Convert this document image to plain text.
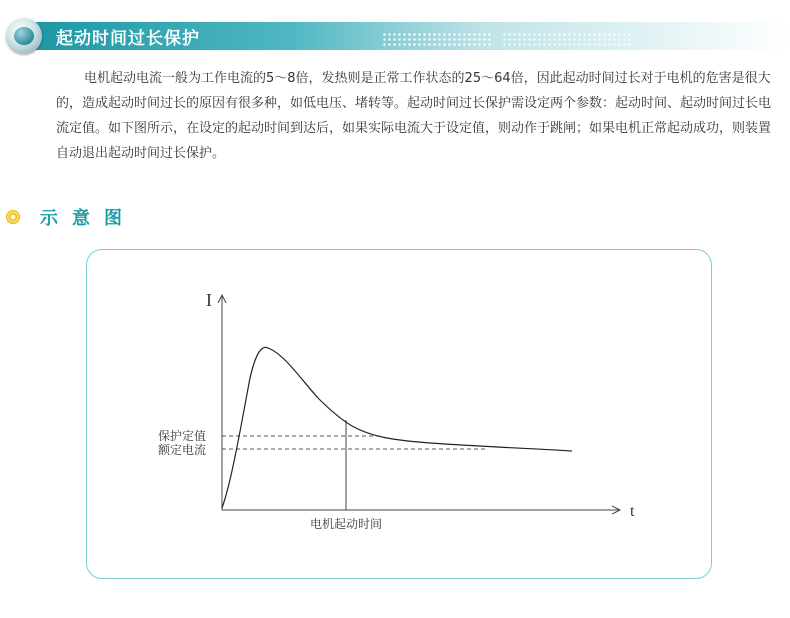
起动时间过长保护

电机起动电流一般为工作电流的5～8倍，发热则是正常工作状态的25～64倍，因此起动时间过长对于电机的危害是很大的，造成起动时间过长的原因有很多种，如低电压、堵转等。起动时间过长保护需设定两个参数：起动时间、起动时间过长电流定值。如下图所示，在设定的起动时间到达后，如果实际电流大于设定值，则动作于跳闸；如果电机正常起动成功，则装置自动退出起动时间过长保护。

示意图
I
t
保护定值
额定电流
电机起动时间
